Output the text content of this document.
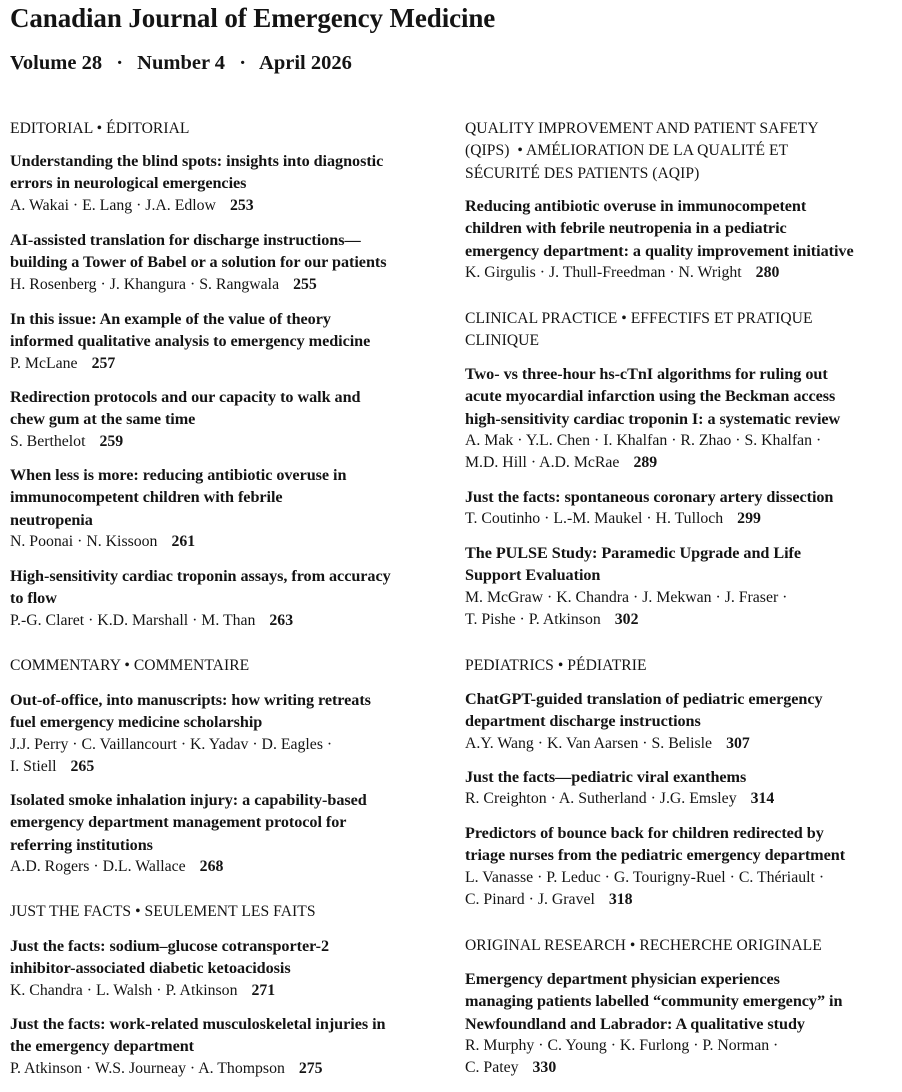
Canadian Journal of Emergency Medicine
Volume 28 · Number 4 · April 2026
EDITORIAL • ÉDITORIAL
Understanding the blind spots: insights into diagnostic
errors in neurological emergencies
A. Wakai · E. Lang · J.A. Edlow 253
AI-assisted translation for discharge instructions—
building a Tower of Babel or a solution for our patients
H. Rosenberg · J. Khangura · S. Rangwala 255
In this issue: An example of the value of theory
informed qualitative analysis to emergency medicine
P. McLane 257
Redirection protocols and our capacity to walk and
chew gum at the same time
S. Berthelot 259
When less is more: reducing antibiotic overuse in
immunocompetent children with febrile
neutropenia
N. Poonai · N. Kissoon 261
High-sensitivity cardiac troponin assays, from accuracy
to flow
P.-G. Claret · K.D. Marshall · M. Than 263
COMMENTARY • COMMENTAIRE
Out-of-office, into manuscripts: how writing retreats
fuel emergency medicine scholarship
J.J. Perry · C. Vaillancourt · K. Yadav · D. Eagles ·
I. Stiell 265
Isolated smoke inhalation injury: a capability-based
emergency department management protocol for
referring institutions
A.D. Rogers · D.L. Wallace 268
JUST THE FACTS • SEULEMENT LES FAITS
Just the facts: sodium–glucose cotransporter-2
inhibitor-associated diabetic ketoacidosis
K. Chandra · L. Walsh · P. Atkinson 271
Just the facts: work-related musculoskeletal injuries in
the emergency department
P. Atkinson · W.S. Journeay · A. Thompson 275
QUALITY IMPROVEMENT AND PATIENT SAFETY
(QIPS)  • AMÉLIORATION DE LA QUALITÉ ET
SÉCURITÉ DES PATIENTS (AQIP)
Reducing antibiotic overuse in immunocompetent
children with febrile neutropenia in a pediatric
emergency department: a quality improvement initiative
K. Girgulis · J. Thull-Freedman · N. Wright 280
CLINICAL PRACTICE • EFFECTIFS ET PRATIQUE
CLINIQUE
Two- vs three-hour hs-cTnI algorithms for ruling out
acute myocardial infarction using the Beckman access
high-sensitivity cardiac troponin I: a systematic review
A. Mak · Y.L. Chen · I. Khalfan · R. Zhao · S. Khalfan ·
M.D. Hill · A.D. McRae 289
Just the facts: spontaneous coronary artery dissection
T. Coutinho · L.-M. Maukel · H. Tulloch 299
The PULSE Study: Paramedic Upgrade and Life
Support Evaluation
M. McGraw · K. Chandra · J. Mekwan · J. Fraser ·
T. Pishe · P. Atkinson 302
PEDIATRICS • PÉDIATRIE
ChatGPT-guided translation of pediatric emergency
department discharge instructions
A.Y. Wang · K. Van Aarsen · S. Belisle 307
Just the facts—pediatric viral exanthems
R. Creighton · A. Sutherland · J.G. Emsley 314
Predictors of bounce back for children redirected by
triage nurses from the pediatric emergency department
L. Vanasse · P. Leduc · G. Tourigny-Ruel · C. Thériault ·
C. Pinard · J. Gravel 318
ORIGINAL RESEARCH • RECHERCHE ORIGINALE
Emergency department physician experiences
managing patients labelled “community emergency” in
Newfoundland and Labrador: A qualitative study
R. Murphy · C. Young · K. Furlong · P. Norman ·
C. Patey 330
